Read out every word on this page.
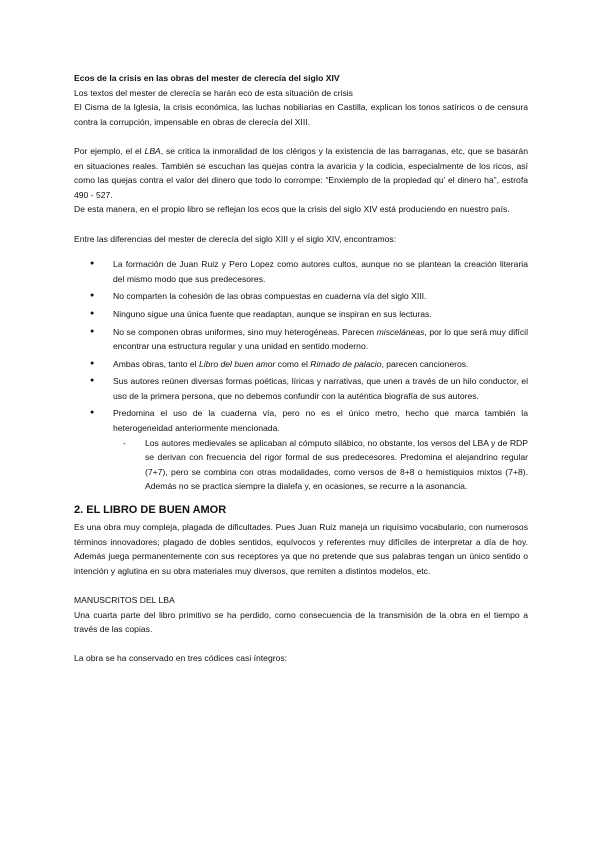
Ecos de la crisis en las obras del mester de clerecía del siglo XIV

Los textos del mester de clerecía se harán eco de esta situación de crisis

El Cisma de la Iglesia, la crisis económica, las luchas nobiliarias en Castilla, explican los tonos satíricos o de censura contra la corrupción, impensable en obras de clerecía del XIII.

Por ejemplo, el el LBA, se critica la inmoralidad de los clérigos y la existencia de las barraganas, etc, que se basarán en situaciones reales. También se escuchan las quejas contra la avaricia y la codicia, especialmente de los ricos, así como las quejas contra el valor del dinero que todo lo corrompe: “Enxiemplo de la propiedad qu’ el dinero ha”, estrofa 490 - 527.

De esta manera, en el propio libro se reflejan los ecos que la crisis del siglo XIV está produciendo en nuestro país.

Entre las diferencias del mester de clerecía del siglo XIII y el siglo XIV, encontramos:

● La formación de Juan Ruiz y Pero Lopez como autores cultos, aunque no se plantean la creación literaria del mismo modo que sus predecesores.
● No comparten la cohesión de las obras compuestas en cuaderna vía del siglo XIII.
● Ninguno sigue una única fuente que readaptan, aunque se inspiran en sus lecturas.
● No se componen obras uniformes, sino muy heterogéneas. Parecen misceláneas, por lo que será muy difícil encontrar una estructura regular y una unidad en sentido moderno.
● Ambas obras, tanto el Libro del buen amor como el Rimado de palacio, parecen cancioneros.
● Sus autores reúnen diversas formas poéticas, líricas y narrativas, que unen a través de un hilo conductor, el uso de la primera persona, que no debemos confundir con la auténtica biografía de sus autores.
● Predomina el uso de la cuaderna vía, pero no es el único metro, hecho que marca también la heterogeneidad anteriormente mencionada.
- Los autores medievales se aplicaban al cómputo silábico, no obstante, los versos del LBA y de RDP se derivan con frecuencia del rigor formal de sus predecesores. Predomina el alejandrino regular (7+7), pero se combina con otras modalidades, como versos de 8+8 o hemistiquios mixtos (7+8). Además no se practica siempre la dialefa y, en ocasiones, se recurre a la asonancia.
2. EL LIBRO DE BUEN AMOR

Es una obra muy compleja, plagada de dificultades. Pues Juan Ruiz maneja un riquísimo vocabulario, con numerosos términos innovadores; plagado de dobles sentidos, equívocos y referentes muy difíciles de interpretar a día de hoy. Además juega permanentemente con sus receptores ya que no pretende que sus palabras tengan un único sentido o intención y aglutina en su obra materiales muy diversos, que remiten a distintos modelos, etc.

MANUSCRITOS DEL LBA

Una cuarta parte del libro primitivo se ha perdido, como consecuencia de la transmisión de la obra en el tiempo a través de las copias.

La obra se ha conservado en tres códices casi íntegros:
